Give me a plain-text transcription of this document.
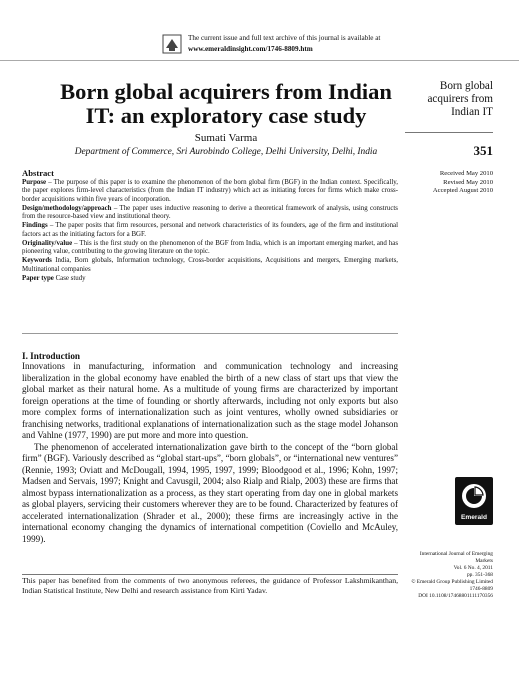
The current issue and full text archive of this journal is available at
www.emeraldinsight.com/1746-8809.htm
Born global acquirers from Indian IT: an exploratory case study
Sumati Varma
Department of Commerce, Sri Aurobindo College, Delhi University, Delhi, India
Born global acquirers from Indian IT
351
Received May 2010
Revised May 2010
Accepted August 2010
Abstract

Purpose – The purpose of this paper is to examine the phenomenon of the born global firm (BGF) in the Indian context. Specifically, the paper explores firm-level characteristics (from the Indian IT industry) which act as initiating forces for firms which make cross-border acquisitions within five years of incorporation.

Design/methodology/approach – The paper uses inductive reasoning to derive a theoretical framework of analysis, using constructs from the resource-based view and institutional theory.

Findings – The paper posits that firm resources, personal and network characteristics of its founders, age of the firm and institutional factors act as the initiating factors for a BGF.

Originality/value – This is the first study on the phenomenon of the BGF from India, which is an important emerging market, and has pioneering value, contributing to the growing literature on the topic.

Keywords India, Born globals, Information technology, Cross-border acquisitions, Acquisitions and mergers, Emerging markets, Multinational companies

Paper type Case study

I. Introduction

Innovations in manufacturing, information and communication technology and increasing liberalization in the global economy have enabled the birth of a new class of start ups that view the global market as their natural home. As a multitude of young firms are characterized by important foreign operations at the time of founding or shortly afterwards, including not only exports but also more complex forms of internationalization such as joint ventures, wholly owned subsidiaries or franchising networks, traditional explanations of internationalization such as the stage model Johanson and Vahlne (1977, 1990) are put more and more into question.

The phenomenon of accelerated internationalization gave birth to the concept of the “born global firm” (BGF). Variously described as “global start-ups”, “born globals”, or “international new ventures” (Rennie, 1993; Oviatt and McDougall, 1994, 1995, 1997, 1999; Bloodgood et al., 1996; Kohn, 1997; Madsen and Servais, 1997; Knight and Cavusgil, 2004; also Rialp and Rialp, 2003) these are firms that almost bypass internationalization as a process, as they start operating from day one in global markets as global players, servicing their customers wherever they are to be found. Characterized by features of accelerated internationalization (Shrader et al., 2000); these firms are increasingly active in the international economy changing the dynamics of international competition (Coviello and McAuley, 1999).

This paper has benefited from the comments of two anonymous referees, the guidance of Professor Lakshmikanthan, Indian Statistical Institute, New Delhi and research assistance from Kirti Yadav.
Emerald
International Journal of Emerging
Markets
Vol. 6 No. 4, 2011
pp. 351-368
© Emerald Group Publishing Limited
1746-8809
DOI 10.1108/17468801111170356
